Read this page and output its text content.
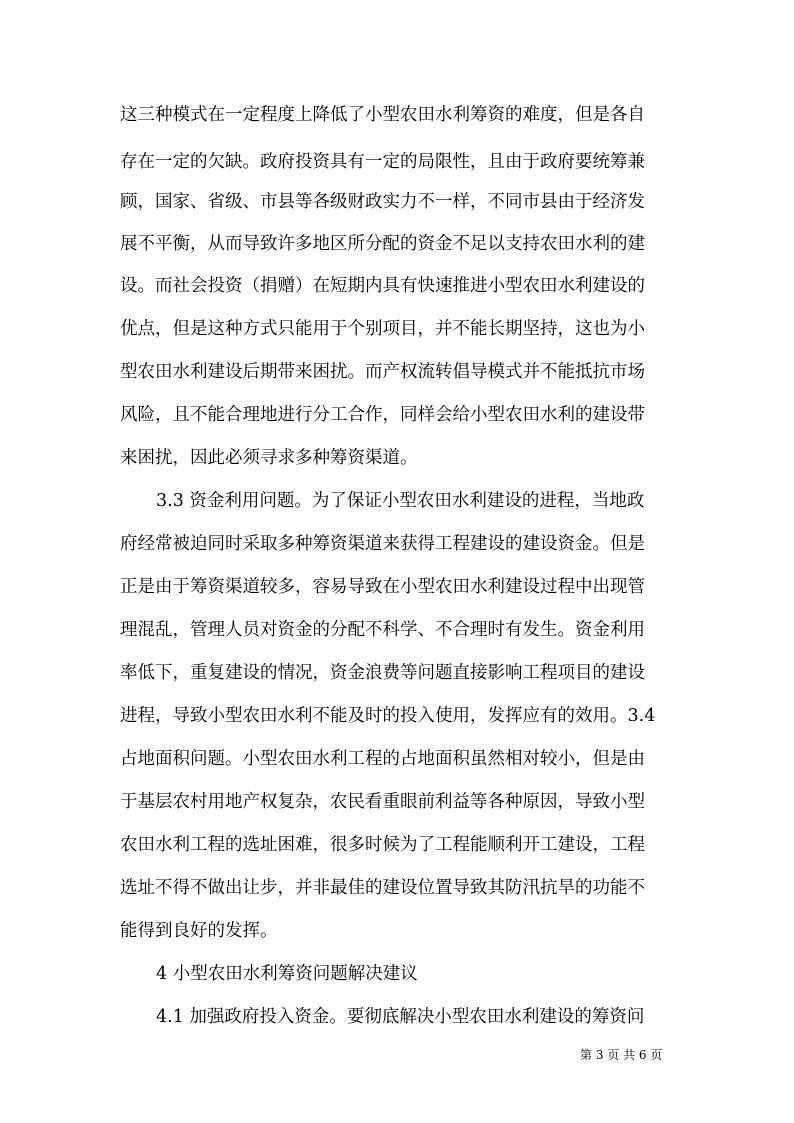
这三种模式在一定程度上降低了小型农田水利筹资的难度，但是各自
存在一定的欠缺。政府投资具有一定的局限性，且由于政府要统筹兼
顾，国家、省级、市县等各级财政实力不一样，不同市县由于经济发
展不平衡，从而导致许多地区所分配的资金不足以支持农田水利的建
设。而社会投资（捐赠）在短期内具有快速推进小型农田水利建设的
优点，但是这种方式只能用于个别项目，并不能长期坚持，这也为小
型农田水利建设后期带来困扰。而产权流转倡导模式并不能抵抗市场
风险，且不能合理地进行分工合作，同样会给小型农田水利的建设带
来困扰，因此必须寻求多种筹资渠道。
3.3 资金利用问题。为了保证小型农田水利建设的进程，当地政
府经常被迫同时采取多种筹资渠道来获得工程建设的建设资金。但是
正是由于筹资渠道较多，容易导致在小型农田水利建设过程中出现管
理混乱，管理人员对资金的分配不科学、不合理时有发生。资金利用
率低下，重复建设的情况，资金浪费等问题直接影响工程项目的建设
进程，导致小型农田水利不能及时的投入使用，发挥应有的效用。3.4
占地面积问题。小型农田水利工程的占地面积虽然相对较小，但是由
于基层农村用地产权复杂，农民看重眼前利益等各种原因，导致小型
农田水利工程的选址困难，很多时候为了工程能顺利开工建设，工程
选址不得不做出让步，并非最佳的建设位置导致其防汛抗旱的功能不
能得到良好的发挥。
4 小型农田水利筹资问题解决建议
4.1 加强政府投入资金。要彻底解决小型农田水利建设的筹资问
第 3 页 共 6 页
